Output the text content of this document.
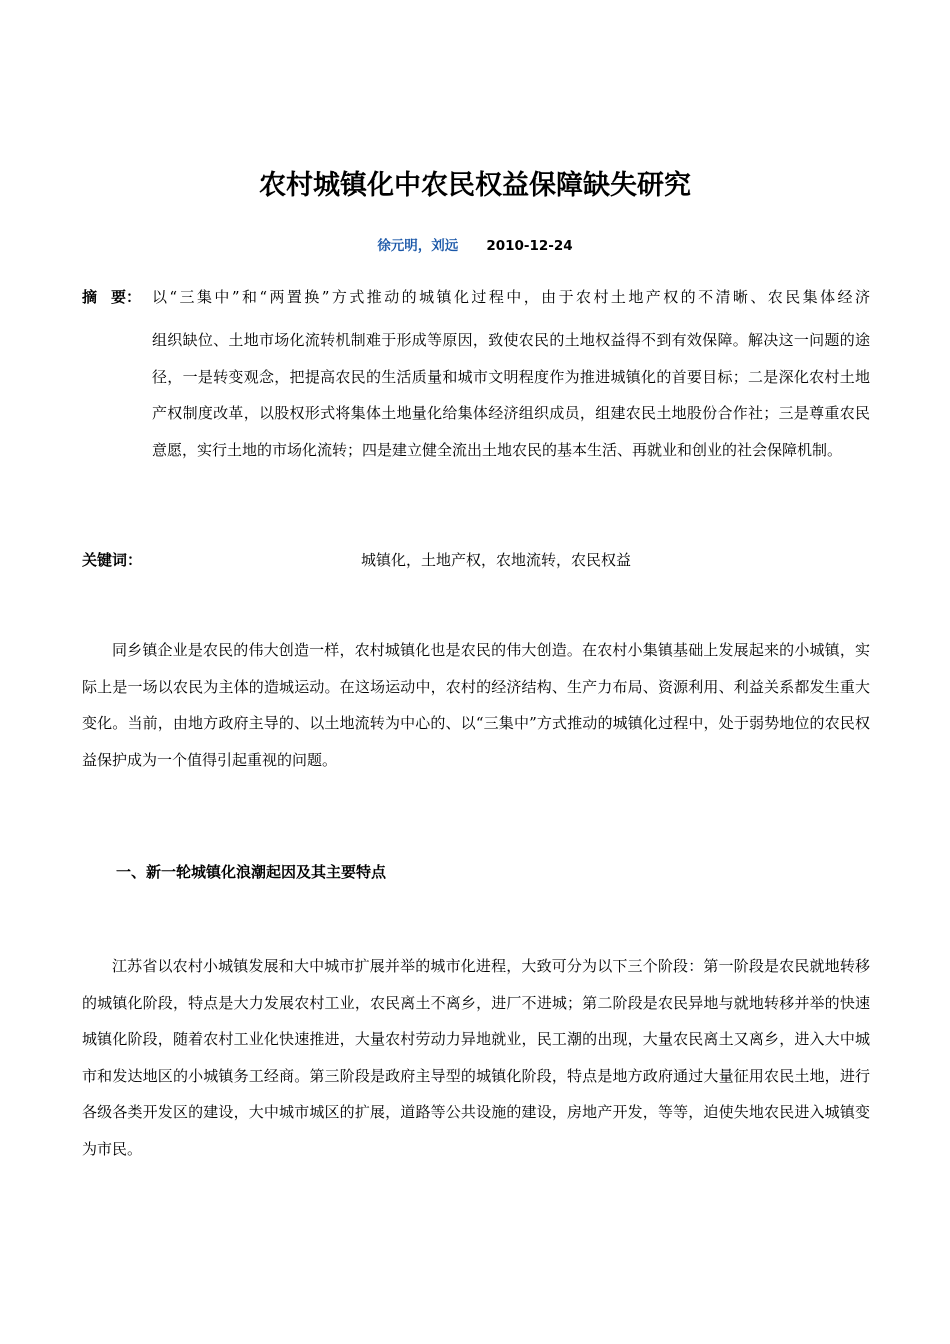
农村城镇化中农民权益保障缺失研究
徐元明，刘远 2010-12-24
摘 要： 以“三集中”和“两置换”方式推动的城镇化过程中，由于农村土地产权的不清晰、农民集体经济
组织缺位、土地市场化流转机制难于形成等原因，致使农民的土地权益得不到有效保障。解决这一问题的途径，一是转变观念，把提高农民的生活质量和城市文明程度作为推进城镇化的首要目标；二是深化农村土地产权制度改革，以股权形式将集体土地量化给集体经济组织成员，组建农民土地股份合作社；三是尊重农民意愿，实行土地的市场化流转；四是建立健全流出土地农民的基本生活、再就业和创业的社会保障机制。
关键词：	城镇化，土地产权，农地流转，农民权益
同乡镇企业是农民的伟大创造一样，农村城镇化也是农民的伟大创造。在农村小集镇基础上发展起来的小城镇，实际上是一场以农民为主体的造城运动。在这场运动中，农村的经济结构、生产力布局、资源利用、利益关系都发生重大变化。当前，由地方政府主导的、以土地流转为中心的、以“三集中”方式推动的城镇化过程中，处于弱势地位的农民权益保护成为一个值得引起重视的问题。
一、新一轮城镇化浪潮起因及其主要特点
江苏省以农村小城镇发展和大中城市扩展并举的城市化进程，大致可分为以下三个阶段：第一阶段是农民就地转移的城镇化阶段，特点是大力发展农村工业，农民离土不离乡，进厂不进城；第二阶段是农民异地与就地转移并举的快速城镇化阶段，随着农村工业化快速推进，大量农村劳动力异地就业，民工潮的出现，大量农民离土又离乡，进入大中城市和发达地区的小城镇务工经商。第三阶段是政府主导型的城镇化阶段，特点是地方政府通过大量征用农民土地，进行各级各类开发区的建设，大中城市城区的扩展，道路等公共设施的建设，房地产开发，等等，迫使失地农民进入城镇变为市民。
